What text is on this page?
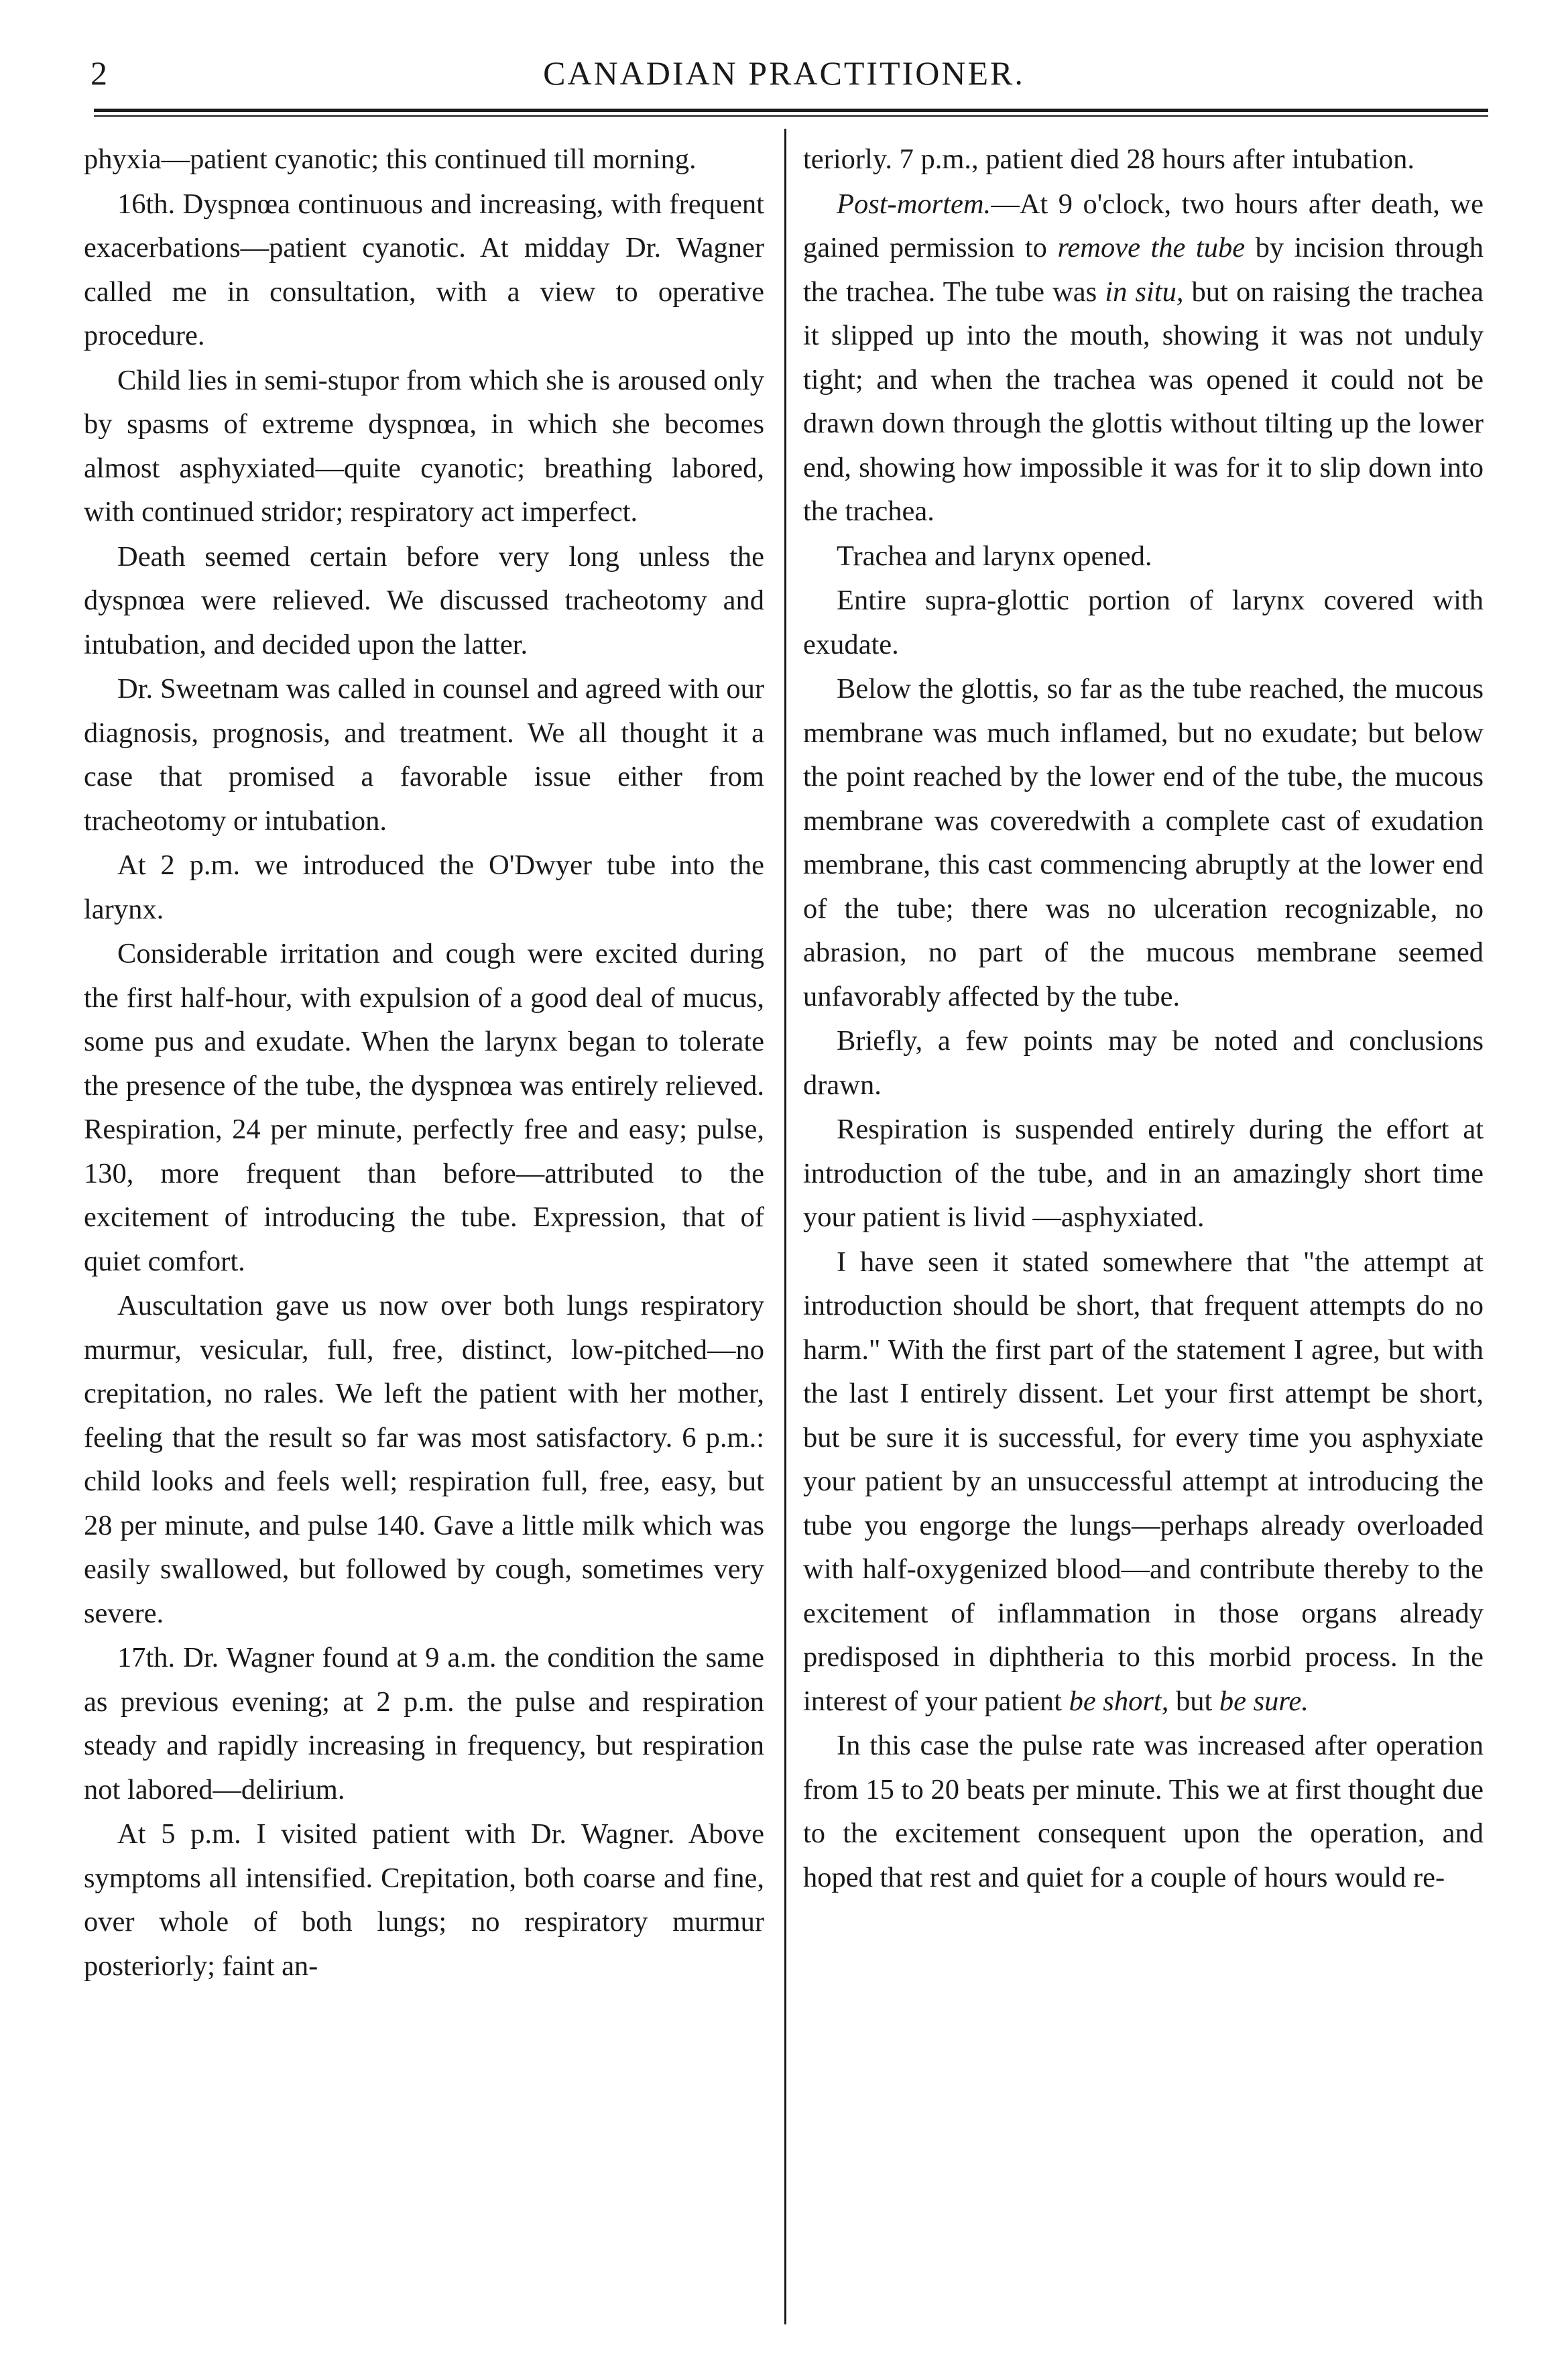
2	CANADIAN PRACTITIONER.

phyxia—patient cyanotic; this continued till morning.

16th. Dyspnœa continuous and increasing, with frequent exacerbations—patient cyanotic. At midday Dr. Wagner called me in consultation, with a view to operative procedure.

Child lies in semi-stupor from which she is aroused only by spasms of extreme dyspnœa, in which she becomes almost asphyxiated—quite cyanotic; breathing labored, with continued stridor; respiratory act imperfect.

Death seemed certain before very long unless the dyspnœa were relieved. We discussed tracheotomy and intubation, and decided upon the latter.

Dr. Sweetnam was called in counsel and agreed with our diagnosis, prognosis, and treatment. We all thought it a case that promised a favorable issue either from tracheotomy or intubation.

At 2 p.m. we introduced the O'Dwyer tube into the larynx.

Considerable irritation and cough were excited during the first half-hour, with expulsion of a good deal of mucus, some pus and exudate. When the larynx began to tolerate the presence of the tube, the dyspnœa was entirely relieved. Respiration, 24 per minute, perfectly free and easy; pulse, 130, more frequent than before—attributed to the excitement of introducing the tube. Expression, that of quiet comfort.

Auscultation gave us now over both lungs respiratory murmur, vesicular, full, free, distinct, low-pitched—no crepitation, no rales. We left the patient with her mother, feeling that the result so far was most satisfactory. 6 p.m.: child looks and feels well; respiration full, free, easy, but 28 per minute, and pulse 140. Gave a little milk which was easily swallowed, but followed by cough, sometimes very severe.

17th. Dr. Wagner found at 9 a.m. the condition the same as previous evening; at 2 p.m. the pulse and respiration steady and rapidly increasing in frequency, but respiration not labored—delirium.

At 5 p.m. I visited patient with Dr. Wagner. Above symptoms all intensified. Crepitation, both coarse and fine, over whole of both lungs; no respiratory murmur posteriorly; faint an-

teriorly. 7 p.m., patient died 28 hours after intubation.

Post-mortem.—At 9 o'clock, two hours after death, we gained permission to remove the tube by incision through the trachea. The tube was in situ, but on raising the trachea it slipped up into the mouth, showing it was not unduly tight; and when the trachea was opened it could not be drawn down through the glottis without tilting up the lower end, showing how impossible it was for it to slip down into the trachea.

Trachea and larynx opened.

Entire supra-glottic portion of larynx covered with exudate.

Below the glottis, so far as the tube reached, the mucous membrane was much inflamed, but no exudate; but below the point reached by the lower end of the tube, the mucous membrane was coveredwith a complete cast of exudation membrane, this cast commencing abruptly at the lower end of the tube; there was no ulceration recognizable, no abrasion, no part of the mucous membrane seemed unfavorably affected by the tube.

Briefly, a few points may be noted and conclusions drawn.

Respiration is suspended entirely during the effort at introduction of the tube, and in an amazingly short time your patient is livid —asphyxiated.

I have seen it stated somewhere that "the attempt at introduction should be short, that frequent attempts do no harm." With the first part of the statement I agree, but with the last I entirely dissent. Let your first attempt be short, but be sure it is successful, for every time you asphyxiate your patient by an unsuccessful attempt at introducing the tube you engorge the lungs—perhaps already overloaded with half-oxygenized blood—and contribute thereby to the excitement of inflammation in those organs already predisposed in diphtheria to this morbid process. In the interest of your patient be short, but be sure.

In this case the pulse rate was increased after operation from 15 to 20 beats per minute. This we at first thought due to the excitement consequent upon the operation, and hoped that rest and quiet for a couple of hours would re-
